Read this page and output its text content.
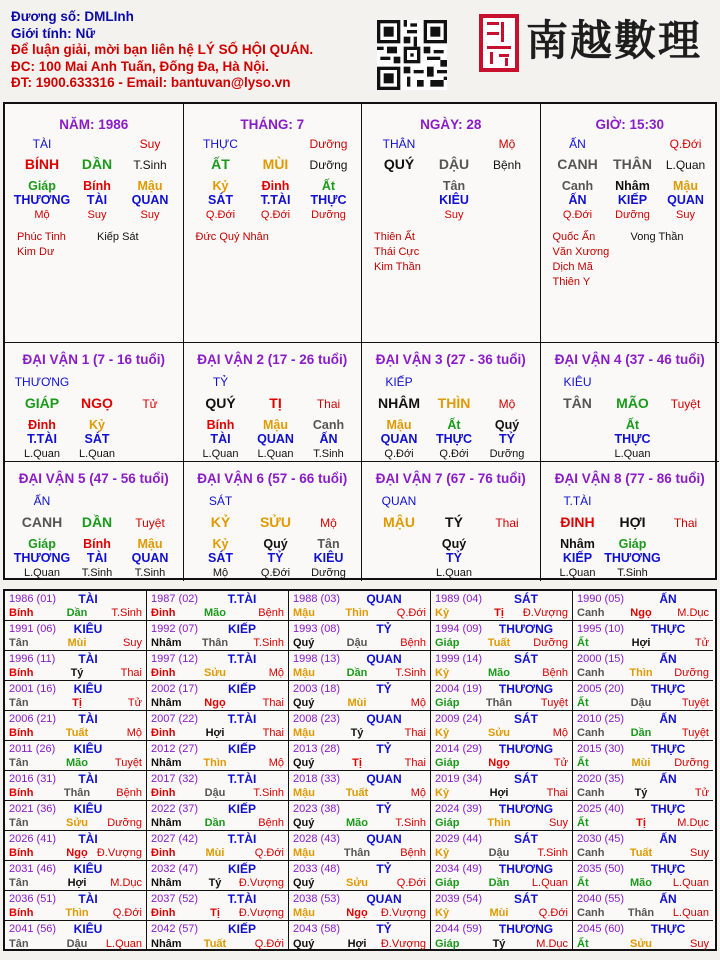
Đương số: DMLInh
Giới tính: Nữ
Để luận giải, mời bạn liên hệ LÝ SỐ HỘI QUÁN.
ĐC: 100 Mai Anh Tuấn, Đống Đa, Hà Nội.
ĐT: 1900.633316 - Email: bantuvan@lyso.vn
南越數理
NĂM: 1986
TÀI	Suy
BÍNH DẦN T.Sinh
Giáp Bính Mậu
THƯƠNG TÀI QUAN
Mộ	Suy	Suy
Phúc Tinh
Kim Dư
Kiếp Sát
THÁNG: 7
THỰC	Dưỡng
ẤT MÙI Dưỡng
Kỷ	Đinh	Ất
SÁT T.TÀI THỰC
Q.Đới Q.Đới Dưỡng
Đức Quý Nhân
NGÀY: 28
THÂN	Mộ
QUÝ DẬU Bệnh
Tân
KIÊU
Suy
Thiên Ất
Thái Cực
Kim Thần
GIỜ: 15:30
ẤN	Q.Đới
CANH THÂN L.Quan
Canh Nhâm Mậu
ẤN	KIẾP QUAN
Q.Đới Dưỡng Suy
Quốc Ấn
Văn Xương
Dịch Mã
Thiên Y
Vong Thần
ĐẠI VẬN 1 (7 - 16 tuổi)
THƯƠNG
GIÁP NGỌ Tử
Đinh	Kỷ
T.TÀI SÁT
L.Quan L.Quan
ĐẠI VẬN 2 (17 - 26 tuổi)
TỶ
QUÝ TỊ	Thai
Bính Mậu Canh
TÀI QUAN ẤN
L.Quan L.Quan T.Sinh
ĐẠI VẬN 3 (27 - 36 tuổi)
KIẾP
NHÂM THÌN Mộ
Mậu	Ất	Quý
QUAN THỰC TỶ
Q.Đới Q.Đới Dưỡng
ĐẠI VẬN 4 (37 - 46 tuổi)
KIÊU
TÂN MÃO Tuyệt
Ất
THỰC
L.Quan
ĐẠI VẬN 5 (47 - 56 tuổi)
ẤN
CANH DẦN Tuyệt
Giáp Bính Mậu
THƯƠNG TÀI QUAN
L.Quan T.Sinh T.Sinh
ĐẠI VẬN 6 (57 - 66 tuổi)
SÁT
KỶ SỬU Mộ
Kỷ	Quý Tân
SÁT	TỶ KIÊU
Mộ	Q.Đới Dưỡng
ĐẠI VẬN 7 (67 - 76 tuổi)
QUAN
MẬU TÝ	Thai
Quý
TỶ
L.Quan
ĐẠI VẬN 8 (77 - 86 tuổi)
T.TÀI
ĐINH HỢI Thai
Nhâm Giáp
KIẾP THƯƠNG
L.Quan T.Sinh
1986 (01) TÀI
Bính	Dần T.Sinh
1987 (02) T.TÀI
Đinh	Mão	Bệnh
1988 (03) QUAN
Mậu	Thìn	Q.Đới
1989 (04)	SÁT
Kỷ	Tị Đ.Vượng
1990 (05)	ẤN
Canh Ngọ M.Dục
1991 (06) KIÊU
Tân	Mùi	Suy
1992 (07) KIẾP
Nhâm Thân T.Sinh
1993 (08)	TỶ
Quý	Dậu	Bệnh
1994 (09) THƯƠNG
Giáp	Tuất Dưỡng
1995 (10) THỰC
Ất	Hợi	Tử
1996 (11) TÀI
Bính	Tý	Thai
1997 (12) T.TÀI
Đinh	Sửu	Mộ
1998 (13) QUAN
Mậu	Dần	T.Sinh
1999 (14)	SÁT
Kỷ	Mão	Bệnh
2000 (15)	ẤN
Canh Thìn Dưỡng
2001 (16) KIÊU
Tân	Tị	Tử
2002 (17) KIẾP
Nhâm Ngọ	Thai
2003 (18)	TỶ
Quý	Mùi	Mộ
2004 (19) THƯƠNG
Giáp Thân	Tuyệt
2005 (20) THỰC
Ất	Dậu	Tuyệt
2006 (21) TÀI
Bính	Tuất	Mộ
2007 (22) T.TÀI
Đinh	Hợi	Thai
2008 (23) QUAN
Mậu	Tý	Thai
2009 (24)	SÁT
Kỷ	Sửu	Mộ
2010 (25)	ẤN
Canh Dần	Tuyệt
2011 (26) KIÊU
Tân	Mão Tuyệt
2012 (27) KIẾP
Nhâm Thìn	Mộ
2013 (28)	TỶ
Quý	Tị	Thai
2014 (29) THƯƠNG
Giáp	Ngọ	Tử
2015 (30) THỰC
Ất	Mùi Dưỡng
2016 (31) TÀI
Bính	Thân Bệnh
2017 (32) T.TÀI
Đinh	Dậu	T.Sinh
2018 (33) QUAN
Mậu	Tuất	Mộ
2019 (34)	SÁT
Kỷ	Hợi	Thai
2020 (35)	ẤN
Canh	Tý	Tử
2021 (36) KIÊU
Tân	Sửu Dưỡng
2022 (37) KIẾP
Nhâm Dần	Bệnh
2023 (38)	TỶ
Quý	Mão T.Sinh
2024 (39) THƯƠNG
Giáp	Thìn	Suy
2025 (40) THỰC
Ất	Tị	M.Dục
2026 (41) TÀI
Bính	Ngọ Đ.Vượng
2027 (42) T.TÀI
Đinh	Mùi	Q.Đới
2028 (43) QUAN
Mậu	Thân	Bệnh
2029 (44)	SÁT
Kỷ	Dậu	T.Sinh
2030 (45)	ẤN
Canh Tuất	Suy
2031 (46) KIÊU
Tân	Hợi M.Dục
2032 (47) KIẾP
Nhâm Tý Đ.Vượng
2033 (48)	TỶ
Quý	Sửu	Q.Đới
2034 (49) THƯƠNG
Giáp	Dần L.Quan
2035 (50) THỰC
Ất	Mão L.Quan
2036 (51) TÀI
Bính	Thìn Q.Đới
2037 (52) T.TÀI
Đinh	Tị Đ.Vượng
2038 (53) QUAN
Mậu	Ngọ Đ.Vượng
2039 (54)	SÁT
Kỷ	Mùi	Q.Đới
2040 (55)	ẤN
Canh Thân L.Quan
2041 (56) KIÊU
Tân	Dậu L.Quan
2042 (57) KIẾP
Nhâm Tuất	Q.Đới
2043 (58)	TỶ
Quý	Hợi Đ.Vượng
2044 (59) THƯƠNG
Giáp	Tý	M.Dục
2045 (60) THỰC
Ất	Sửu	Suy
